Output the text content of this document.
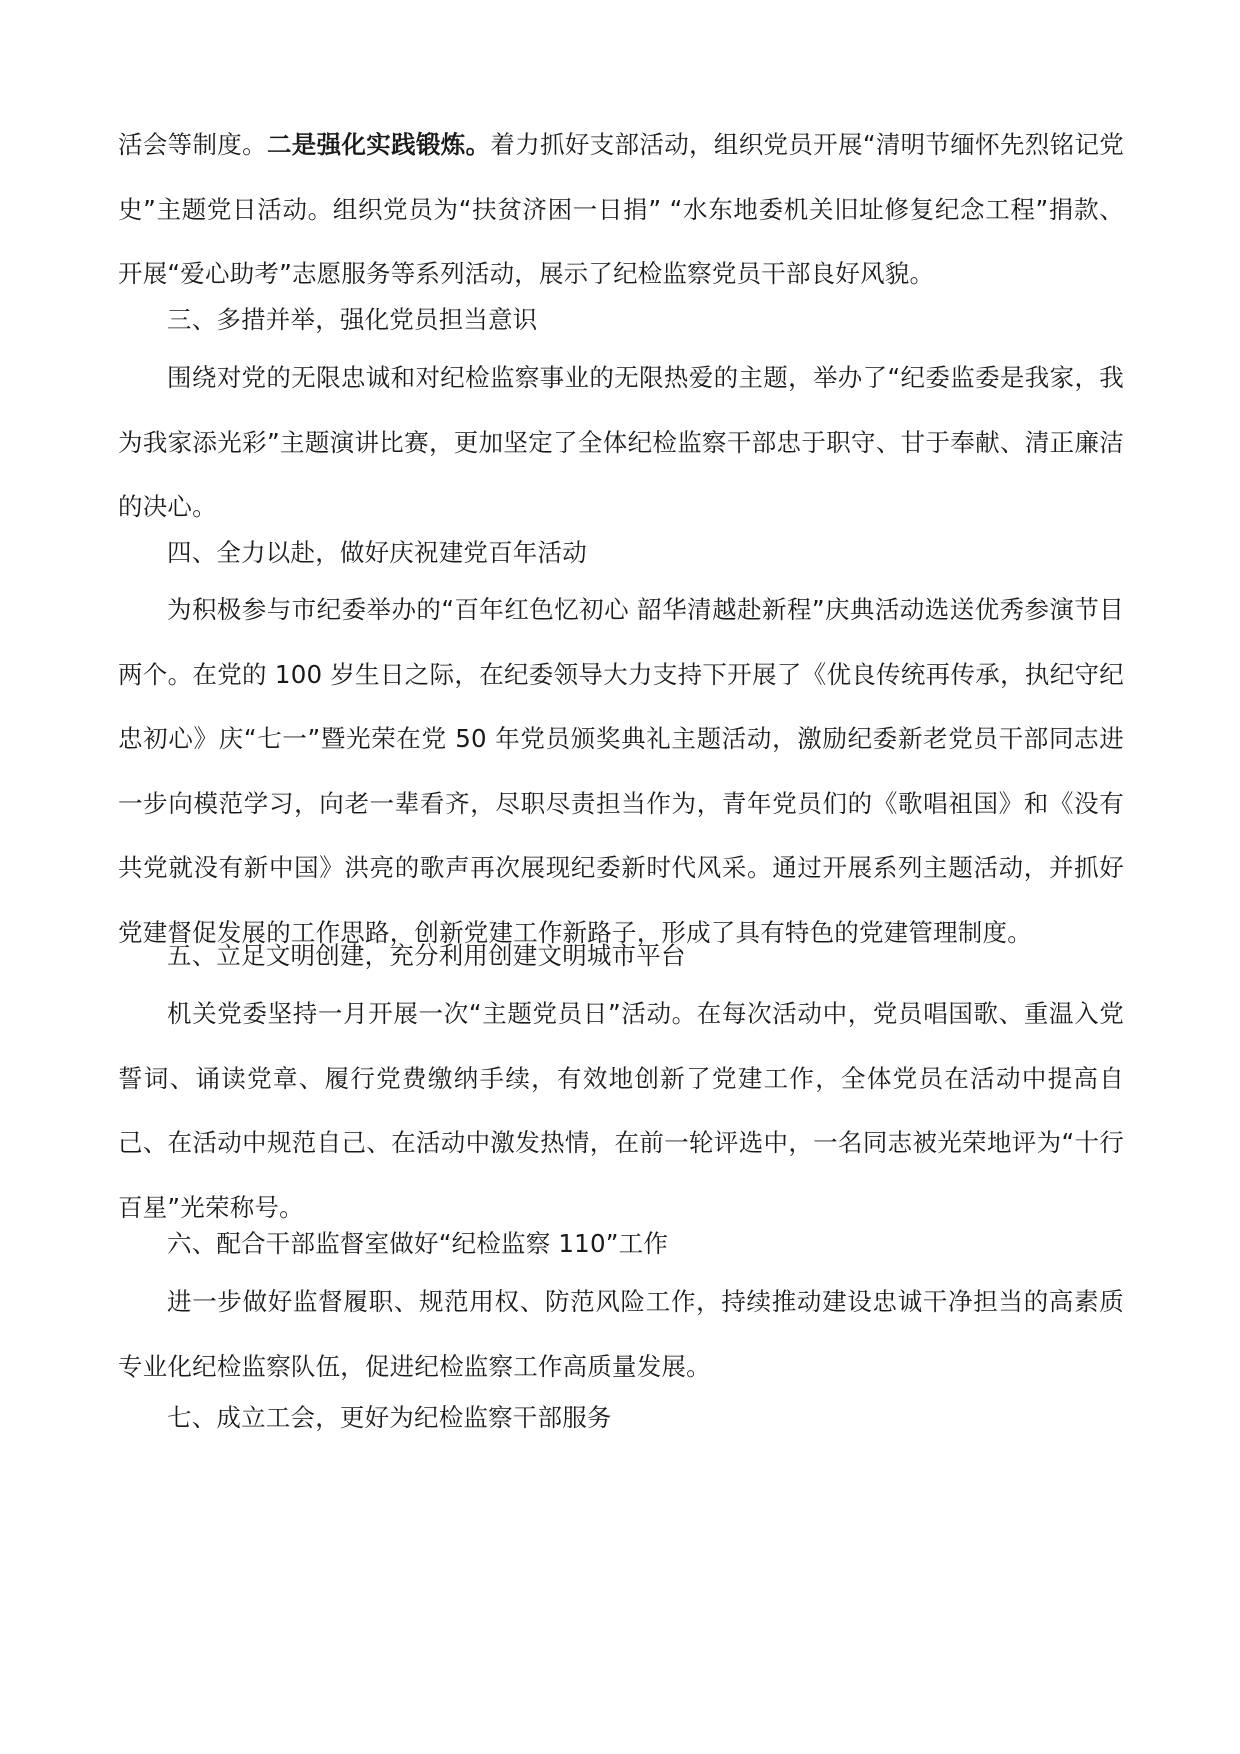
活会等制度。二是强化实践锻炼。着力抓好支部活动，组织党员开展“清明节缅怀先烈铭记党史”主题党日活动。组织党员为“扶贫济困一日捐” “水东地委机关旧址修复纪念工程”捐款、开展“爱心助考”志愿服务等系列活动，展示了纪检监察党员干部良好风貌。

三、多措并举，强化党员担当意识

围绕对党的无限忠诚和对纪检监察事业的无限热爱的主题，举办了“纪委监委是我家，我为我家添光彩”主题演讲比赛，更加坚定了全体纪检监察干部忠于职守、甘于奉献、清正廉洁的决心。

四、全力以赴，做好庆祝建党百年活动

为积极参与市纪委举办的“百年红色忆初心 韶华清越赴新程”庆典活动选送优秀参演节目两个。在党的 100 岁生日之际，在纪委领导大力支持下开展了《优良传统再传承，执纪守纪忠初心》庆“七一”暨光荣在党 50 年党员颁奖典礼主题活动，激励纪委新老党员干部同志进一步向模范学习，向老一辈看齐，尽职尽责担当作为，青年党员们的《歌唱祖国》和《没有共党就没有新中国》洪亮的歌声再次展现纪委新时代风采。通过开展系列主题活动，并抓好党建督促发展的工作思路，创新党建工作新路子，形成了具有特色的党建管理制度。

五、立足文明创建，充分利用创建文明城市平台

机关党委坚持一月开展一次“主题党员日”活动。在每次活动中，党员唱国歌、重温入党誓词、诵读党章、履行党费缴纳手续，有效地创新了党建工作，全体党员在活动中提高自己、在活动中规范自己、在活动中激发热情，在前一轮评选中，一名同志被光荣地评为“十行百星”光荣称号。

六、配合干部监督室做好“纪检监察 110”工作

进一步做好监督履职、规范用权、防范风险工作，持续推动建设忠诚干净担当的高素质专业化纪检监察队伍，促进纪检监察工作高质量发展。

七、成立工会，更好为纪检监察干部服务
